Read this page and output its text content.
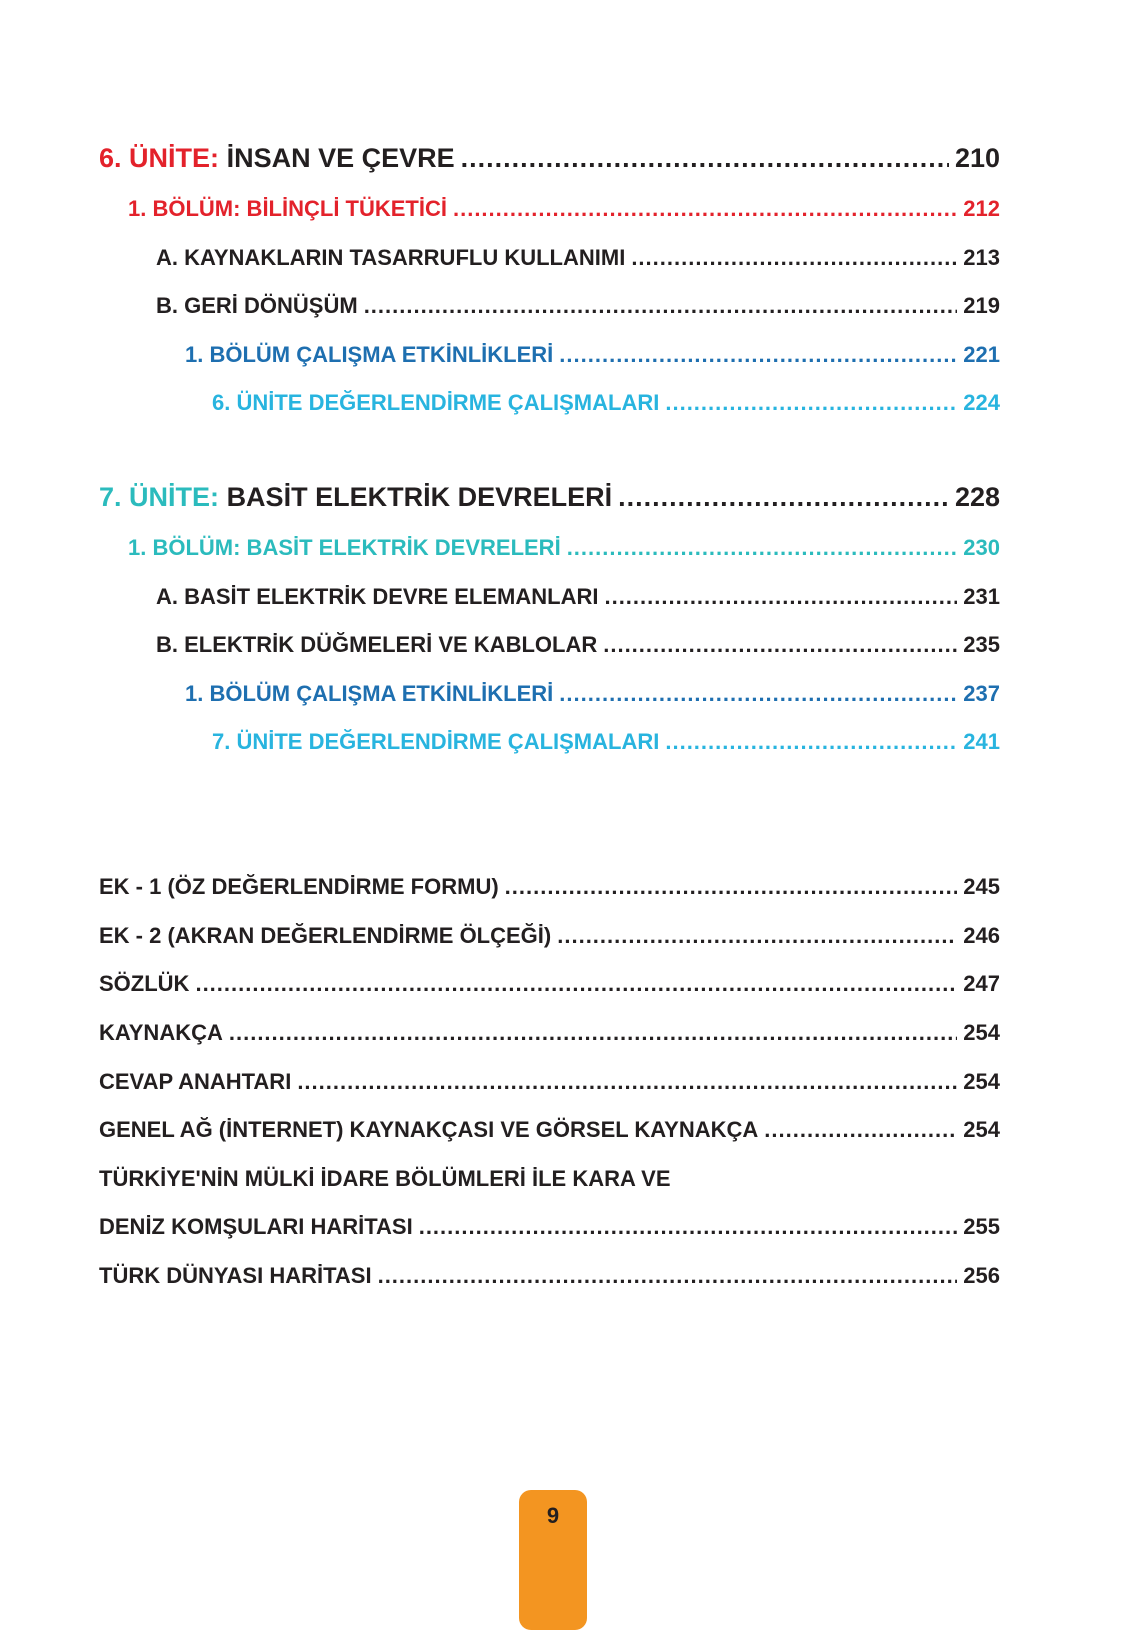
6. ÜNİTE: İNSAN VE ÇEVRE .....	210
1. BÖLÜM: BİLİNÇLİ TÜKETİCİ .....	212
A. KAYNAKLARIN TASARRUFLU KULLANIMI .....	213
B. GERİ DÖNÜŞÜM .....	219
1. BÖLÜM ÇALIŞMA ETKİNLİKLERİ .....	221
6. ÜNİTE DEĞERLENDİRME ÇALIŞMALARI .....	224
7. ÜNİTE: BASİT ELEKTRİK DEVRELERİ .....	228
1. BÖLÜM: BASİT ELEKTRİK DEVRELERİ .....	230
A. BASİT ELEKTRİK DEVRE ELEMANLARI .....	231
B. ELEKTRİK DÜĞMELERİ VE KABLOLAR .....	235
1. BÖLÜM ÇALIŞMA ETKİNLİKLERİ .....	237
7. ÜNİTE DEĞERLENDİRME ÇALIŞMALARI .....	241
EK - 1 (ÖZ DEĞERLENDİRME FORMU) .....	245
EK - 2 (AKRAN DEĞERLENDİRME ÖLÇEĞİ) .....	246
SÖZLÜK .....	247
KAYNAKÇA .....	254
CEVAP ANAHTARI .....	254
GENEL AĞ (İNTERNET) KAYNAKÇASI VE GÖRSEL KAYNAKÇA .....	254
TÜRKİYE'NİN MÜLKİ İDARE BÖLÜMLERİ İLE KARA VE
DENİZ KOMŞULARI HARİTASI .....	255
TÜRK DÜNYASI HARİTASI .....	256
9
